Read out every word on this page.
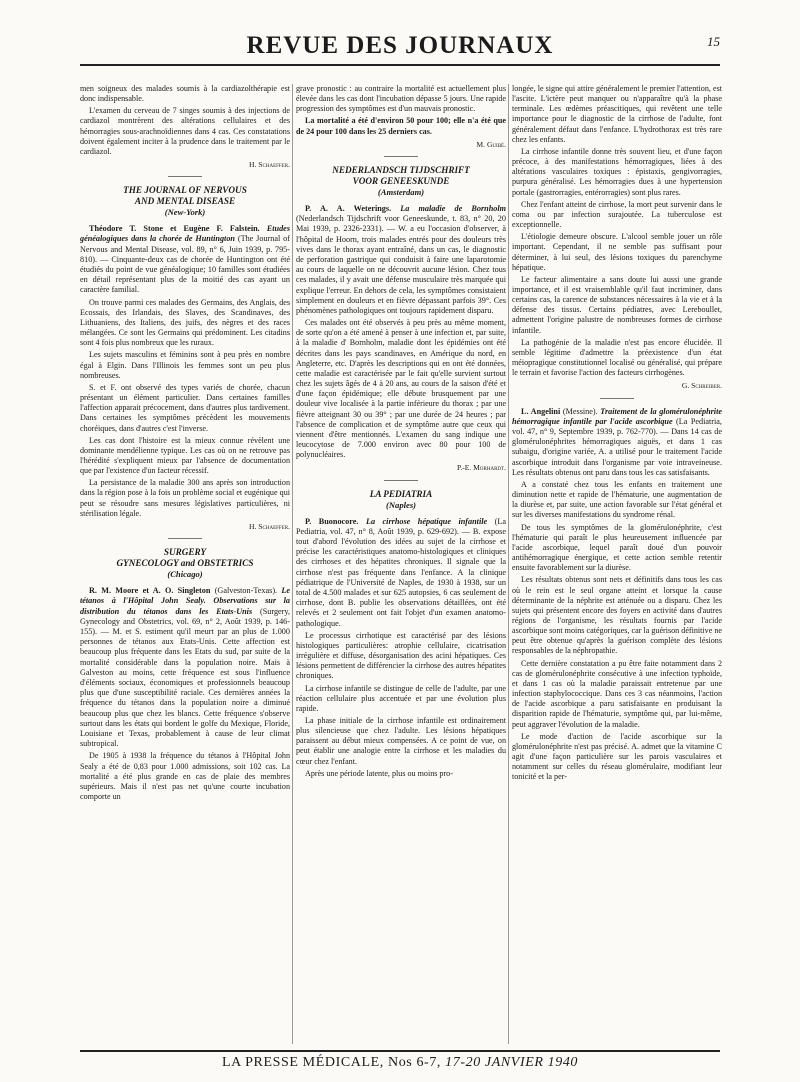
REVUE DES JOURNAUX	15

men soigneux des malades soumis à la cardiazolthérapie est donc indispensable.

L'examen du cerveau de 7 singes soumis à des injections de cardiazol montrèrent des altérations cellulaires et des hémorragies sous-arachnoïdiennes dans 4 cas. Ces constatations doivent également inciter à la prudence dans le traitement par le cardiazol.

H. Schaeffer.
THE JOURNAL OF NERVOUS
AND MENTAL DISEASE
(New-York)

Théodore T. Stone et Eugène F. Falstein. Etudes généalogiques dans la chorée de Huntington (The Journal of Nervous and Mental Disease, vol. 89, n° 6, Juin 1939, p. 795-810). — Cinquante-deux cas de chorée de Huntington ont été étudiés du point de vue généalogique; 10 familles sont étudiées en détail représentant plus de la moitié des cas ayant un caractère familial.

On trouve parmi ces malades des Germains, des Anglais, des Ecossais, des Irlandais, des Slaves, des Scandinaves, des Lithuaniens, des Italiens, des juifs, des nègres et des races mélangées. Ce sont les Germains qui prédominent. Les citadins sont 4 fois plus nombreux que les ruraux.

Les sujets masculins et féminins sont à peu près en nombre égal à Elgin. Dans l'Illinois les femmes sont un peu plus nombreuses.

S. et F. ont observé des types variés de chorée, chacun présentant un élément particulier. Dans certaines familles l'affection apparait précocement, dans d'autres plus tardivement. Dans certaines les symptômes précèdent les mouvements choréiques, dans d'autres c'est l'inverse.

Les cas dont l'histoire est la mieux connue révèlent une dominante mendélienne typique. Les cas où on ne retrouve pas l'hérédité s'expliquent mieux par l'absence de documentation que par l'existence d'un facteur récessif.

La persistance de la maladie 300 ans après son introduction dans la région pose à la fois un problème social et eugénique qui peut se résoudre sans mesures législatives particulières, ni stérilisation légale.

H. Schaeffer.
SURGERY
GYNECOLOGY and OBSTETRICS
(Chicago)

R. M. Moore et A. O. Singleton (Galveston-Texas). Le tétanos à l'Hôpital John Sealy. Observations sur la distribution du tétanos dans les Etats-Unis (Surgery, Gynecology and Obstetrics, vol. 69, n° 2, Août 1939, p. 146-155). — M. et S. estiment qu'il meurt par an plus de 1.000 personnes de tétanos aux Etats-Unis. Cette affection est beaucoup plus fréquente dans les Etats du sud, par suite de la mortalité considérable dans la population noire. Mais à Galveston au moins, cette fréquence est sous l'influence d'éléments sociaux, économiques et professionnels beaucoup plus que d'une susceptibilité raciale. Ces dernières années la fréquence du tétanos dans la population noire a diminué beaucoup plus que chez les blancs. Cette fréquence s'observe surtout dans les états qui bordent le golfe du Mexique, Floride, Louisiane et Texas, probablement à cause de leur climat subtropical.

De 1905 à 1938 la fréquence du tétanos à l'Hôpital John Sealy a été de 0,83 pour 1.000 admissions, soit 102 cas. La mortalité a été plus grande en cas de plaie des membres supérieurs. Mais il n'est pas net qu'une courte incubation comporte un

grave pronostic : au contraire la mortalité est actuellement plus élevée dans les cas dont l'incubation dépasse 5 jours. Une rapide progression des symptômes est d'un mauvais pronostic.

La mortalité a été d'environ 50 pour 100; elle n'a été que de 24 pour 100 dans les 25 derniers cas.

M. Guibé.
NEDERLANDSCH TIJDSCHRIFT
VOOR GENEESKUNDE
(Amsterdam)

P. A. A. Weterings. La maladie de Bornholm (Nederlandsch Tijdschrift voor Geneeskunde, t. 83, n° 20, 20 Mai 1939, p. 2326-2331). — W. a eu l'occasion d'observer, à l'hôpital de Hoorn, trois malades entrés pour des douleurs très vives dans le thorax ayant entraîné, dans un cas, le diagnostic de perforation gastrique qui conduisit à faire une laparotomie au cours de laquelle on ne découvrit aucune lésion. Chez tous ces malades, il y avait une défense musculaire très marquée qui explique l'erreur. En dehors de cela, les symptômes consistaient simplement en douleurs et en fièvre dépassant parfois 39°. Ces phénomènes pathologiques ont toujours rapidement disparu.

Ces malades ont été observés à peu près au même moment, de sorte qu'on a été amené à penser à une infection et, par suite, à la maladie d' Bornholm, maladie dont les épidémies ont été décrites dans les pays scandinaves, en Amérique du nord, en Angleterre, etc. D'après les descriptions qui en ont été données, cette maladie est caractérisée par le fait qu'elle survient surtout chez les sujets âgés de 4 à 20 ans, au cours de la saison d'été et d'une façon épidémique; elle débute brusquement par une douleur vive localisée à la partie inférieure du thorax ; par une fièvre atteignant 30 ou 39° ; par une durée de 24 heures ; par l'absence de complication et de symptôme autre que ceux qui viennent d'être mentionnés. L'examen du sang indique une leucocytose de 7.000 environ avec 80 pour 100 de polynucléaires.

P.-E. Morhardt.
LA PEDIATRIA
(Naples)

P. Buonocore. La cirrhose hépatique infantile (La Pediatria, vol. 47, n° 8, Août 1939, p. 629-692). — B. expose tout d'abord l'évolution des idées au sujet de la cirrhose et précise les caractéristiques anatomo-histologiques et cliniques des cirrhoses et des hépatites chroniques. Il signale que la cirrhose n'est pas fréquente dans l'enfance. A la clinique pédiatrique de l'Université de Naples, de 1930 à 1938, sur un total de 4.500 malades et sur 625 autopsies, 6 cas seulement de cirrhose, dont B. publie les observations détaillées, ont été relevés et 2 seulement ont fait l'objet d'un examen anatomo-pathologique.

Le processus cirrhotique est caractérisé par des lésions histologiques particulières: atrophie cellulaire, cicatrisation irrégulière et diffuse, désorganisation des acini hépatiques. Ces lésions permettent de différencier la cirrhose des autres hépatites chroniques.

La cirrhose infantile se distingue de celle de l'adulte, par une réaction cellulaire plus accentuée et par une évolution plus rapide.

La phase initiale de la cirrhose infantile est ordinairement plus silencieuse que chez l'adulte. Les lésions hépatiques paraissent au début mieux compensées. A ce point de vue, on peut établir une analogie entre la cirrhose et les maladies du cœur chez l'enfant.

Après une période latente, plus ou moins pro-

longée, le signe qui attire généralement le premier l'attention, est l'ascite. L'ictère peut manquer ou n'apparaître qu'à la phase terminale. Les œdèmes préascitiques, qui revêtent une telle importance pour le diagnostic de la cirrhose de l'adulte, font généralement défaut dans l'enfance. L'hydrothorax est très rare chez les enfants.

La cirrhose infantile donne très souvent lieu, et d'une façon précoce, à des manifestations hémorragiques, liées à des altérations vasculaires toxiques : épistaxis, gengivorragies, purpura généralisé. Les hémorragies dues à une hypertension portale (gastrorragies, entérorragies) sont plus rares.

Chez l'enfant atteint de cirrhose, la mort peut survenir dans le coma ou par infection surajoutée. La tuberculose est exceptionnelle.

L'étiologie demeure obscure. L'alcool semble jouer un rôle important. Cependant, il ne semble pas suffisant pour déterminer, à lui seul, des lésions toxiques du parenchyme hépatique.

Le facteur alimentaire a sans doute lui aussi une grande importance, et il est vraisemblable qu'il faut incriminer, dans certains cas, la carence de substances nécessaires à la vie et à la défense des tissus. Certains pédiatres, avec Lereboullet, admettent l'origine palustre de nombreuses formes de cirrhose infantile.

La pathogénie de la maladie n'est pas encore élucidée. Il semble légitime d'admettre la préexistence d'un état méiopragique constitutionnel localisé ou généralisé, qui prépare le terrain et favorise l'action des facteurs cirrhogènes.

G. Schreiber.

L. Angelini (Messine). Traitement de la glomérulonéphrite hémorragique infantile par l'acide ascorbique (La Pediatria, vol. 47, n° 9, Septembre 1939, p. 762-770). — Dans 14 cas de glomérulonéphrites hémorragiques aiguës, et dans 1 cas subaigu, d'origine variée, A. a utilisé pour le traitement l'acide ascorbique introduit dans l'organisme par voie intraveineuse. Les résultats obtenus ont paru dans tous les cas satisfaisants.

A a constaté chez tous les enfants en traitement une diminution nette et rapide de l'hématurie, une augmentation de la diurèse et, par suite, une action favorable sur l'état général et sur les diverses manifestations du syndrome rénal.

De tous les symptômes de la glomérulonéphrite, c'est l'hématurie qui paraît le plus heureusement influencée par l'acide ascorbique, lequel paraît doué d'un pouvoir antihémorragique énergique, et cette action semble retentir ensuite favorablement sur la diurèse.

Les résultats obtenus sont nets et définitifs dans tous les cas où le rein est le seul organe atteint et lorsque la cause déterminante de la néphrite est atténuée ou a disparu. Chez les sujets qui présentent encore des foyers en activité dans d'autres régions de l'organisme, les résultats fournis par l'acide ascorbique sont moins catégoriques, car la guérison définitive ne peut être obtenue qu'après la guérison complète des lésions responsables de la néphropathie.

Cette dernière constatation a pu être faite notamment dans 2 cas de glomérulonéphrite consécutive à une infection typhoïde, et dans 1 cas où la maladie paraissait entretenue par une infection staphylococcique. Dans ces 3 cas néanmoins, l'action de l'acide ascorbique a paru satisfaisante en produisant la disparition rapide de l'hématurie, symptôme qui, par lui-même, peut aggraver l'évolution de la maladie.

Le mode d'action de l'acide ascorbique sur la glomérulonéphrite n'est pas précisé. A. admet que la vitamine C agit d'une façon particulière sur les parois vasculaires et notamment sur celles du réseau glomérulaire, modifiant leur tonicité et la per-

LA PRESSE MÉDICALE, Nos 6-7, 17-20 JANVIER 1940
